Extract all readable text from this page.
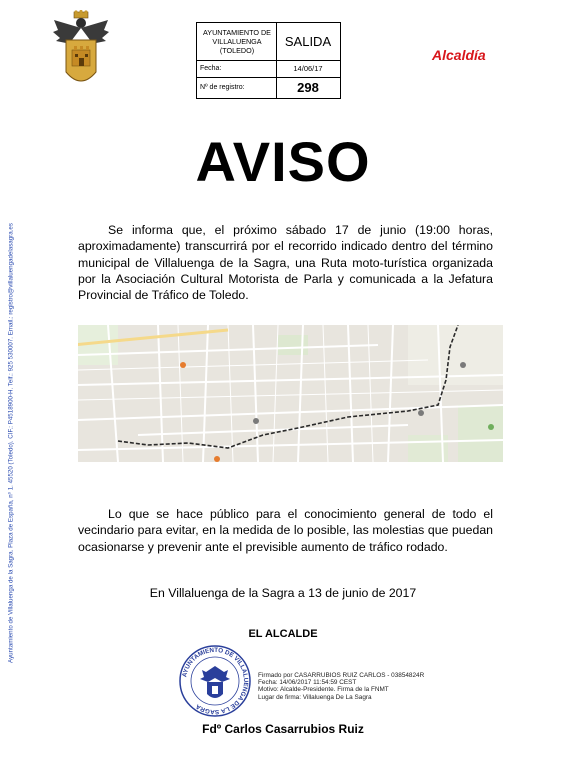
AYUNTAMIENTO DE VILLALUENGA (TOLEDO)
SALIDA
Fecha:	14/06/17
Nº de registro:	298
Alcaldía
Ayuntamiento de Villaluenga de la Sagra. Plaza de España, nº 1. 45520 (Toledo). CIF.: P4518900-H. Telf.: 925 530007. Email.: registro@villaluengadelasagra.es
AVISO
Se informa que, el próximo sábado 17 de junio (19:00 horas, aproximadamente) transcurrirá por el recorrido indicado dentro del término municipal de Villaluenga de la Sagra, una Ruta moto-turística organizada por la Asociación Cultural Motorista de Parla y comunicada a la Jefatura Provincial de Tráfico de Toledo.
Lo que se hace público para el conocimiento general de todo el vecindario para evitar, en la medida de lo posible, las molestias que puedan ocasionarse y prevenir ante el previsible aumento de tráfico rodado.
En Villaluenga de la Sagra a 13 de junio de 2017
EL ALCALDE
AYUNTAMIENTO DE VILLALUENGA DE LA SAGRA
Firmado por CASARRUBIOS RUIZ CARLOS - 03854824R
Fecha: 14/06/2017 11:54:59 CEST
Motivo: Alcalde-Presidente. Firma de la FNMT
Lugar de firma: Villaluenga De La Sagra
Fdº Carlos Casarrubios Ruiz
